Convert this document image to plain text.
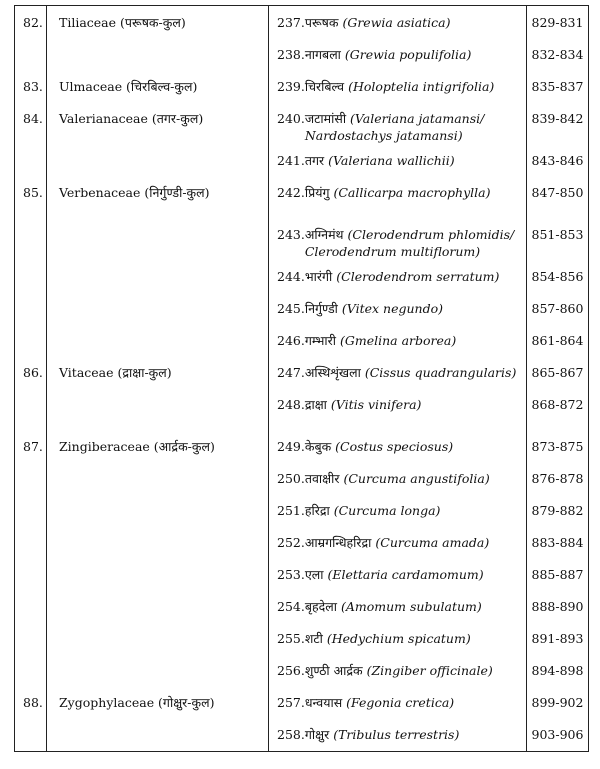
82.	Tiliaceae (परूषक-कुल)	237. परूषक (Grewia asiatica)	829-831

		238. नागबला (Grewia populifolia)	832-834

83.	Ulmaceae (चिरबिल्व-कुल)	239. चिरबिल्व (Holoptelia intigrifolia)	835-837

84.	Valerianaceae (तगर-कुल)	240. जटामांसी (Valeriana jatamansi/ Nardostachys jatamansi)	839-842

		241. तगर (Valeriana wallichii)	843-846

85.	Verbenaceae (निर्गुण्डी-कुल)	242. प्रियंगु (Callicarpa macrophylla)	847-850

		243. अग्निमंथ (Clerodendrum phlomidis/ Clerodendrum multiflorum)	851-853

		244. भारंगी (Clerodendrom serratum)	854-856

		245. निर्गुण्डी (Vitex negundo)	857-860

		246. गम्भारी (Gmelina arborea)	861-864

86.	Vitaceae (द्राक्षा-कुल)	247. अस्थिशृंखला (Cissus quadrangularis)	865-867

		248. द्राक्षा (Vitis vinifera)	868-872

87.	Zingiberaceae (आर्द्रक-कुल)	249. केबुक (Costus speciosus)	873-875

		250. तवाक्षीर (Curcuma angustifolia)	876-878

		251. हरिद्रा (Curcuma longa)	879-882

		252. आम्रगन्धिहरिद्रा (Curcuma amada)	883-884

		253. एला (Elettaria cardamomum)	885-887

		254. बृहदेला (Amomum subulatum)	888-890

		255. शटी (Hedychium spicatum)	891-893

		256. शुण्ठी आर्द्रक (Zingiber officinale)	894-898

88.	Zygophylaceae (गोक्षुर-कुल)	257. धन्वयास (Fegonia cretica)	899-902

		258. गोक्षुर (Tribulus terrestris)	903-906
